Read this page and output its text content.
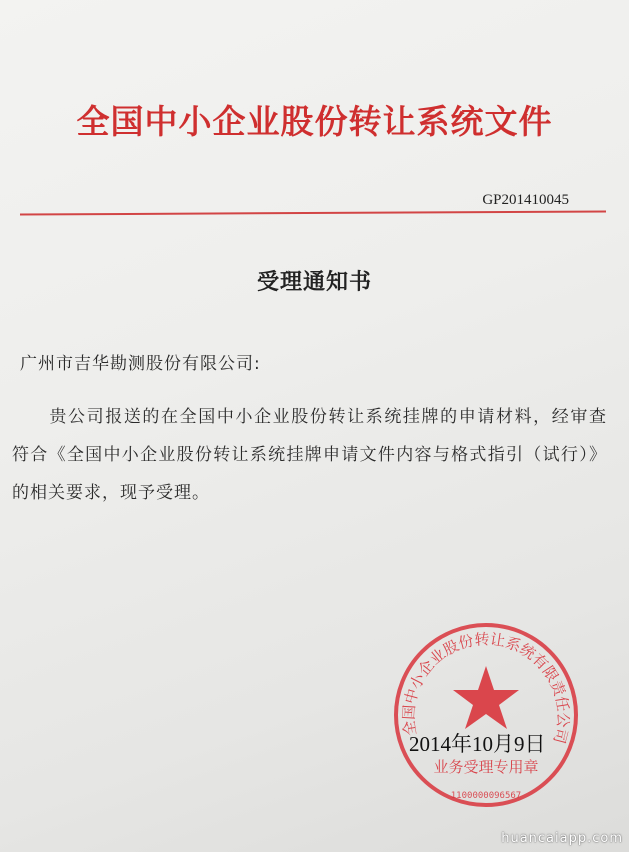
全国中小企业股份转让系统文件
GP201410045
受理通知书
广州市吉华勘测股份有限公司:
贵公司报送的在全国中小企业股份转让系统挂牌的申请材料，经审查符合《全国中小企业股份转让系统挂牌申请文件内容与格式指引（试行）》的相关要求，现予受理。
全国中小企业股份转让系统有限责任公司
业务受理专用章
1100000096567
2014年10月9日
huancaiapp.com
